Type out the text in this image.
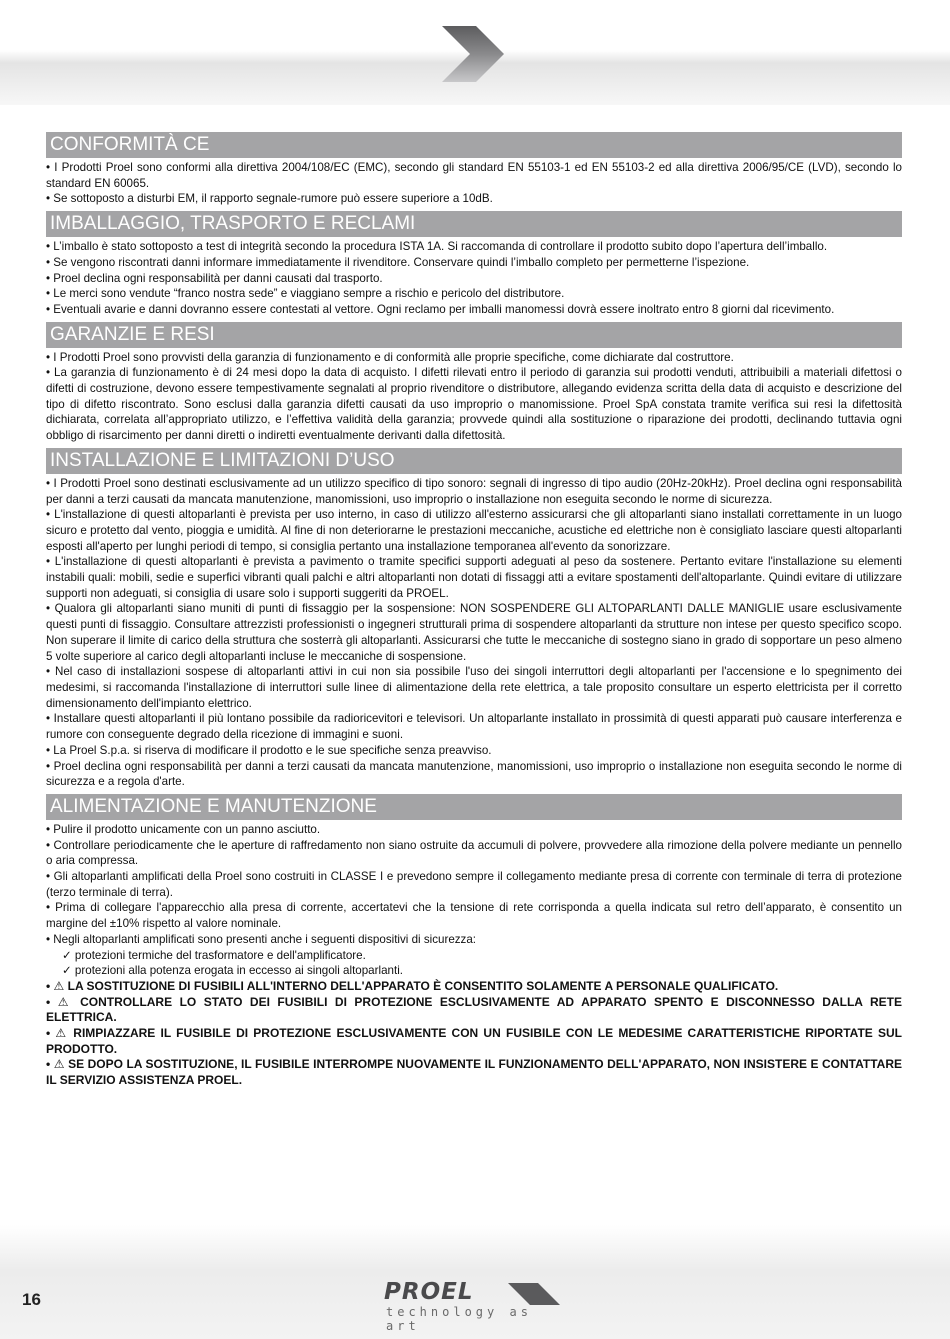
CONFORMITÀ CE

• I Prodotti Proel sono conformi alla direttiva 2004/108/EC (EMC), secondo gli standard EN 55103-1 ed EN 55103-2 ed alla direttiva 2006/95/CE (LVD), secondo lo standard EN 60065.

• Se sottoposto a disturbi EM, il rapporto segnale-rumore può essere superiore a 10dB.

IMBALLAGGIO, TRASPORTO E RECLAMI

• L’imballo è stato sottoposto a test di integrità secondo la procedura ISTA 1A. Si raccomanda di controllare il prodotto subito dopo l’apertura dell’imballo.

• Se vengono riscontrati danni informare immediatamente il rivenditore. Conservare quindi l’imballo completo per permetterne l’ispezione.

• Proel declina ogni responsabilità per danni causati dal trasporto.

• Le merci sono vendute “franco nostra sede” e viaggiano sempre a rischio e pericolo del distributore.

• Eventuali avarie e danni dovranno essere contestati al vettore. Ogni reclamo per imballi manomessi dovrà essere inoltrato entro 8 giorni dal ricevimento.

GARANZIE E RESI

• I Prodotti Proel sono provvisti della garanzia di funzionamento e di conformità alle proprie specifiche, come dichiarate dal costruttore.

• La garanzia di funzionamento è di 24 mesi dopo la data di acquisto. I difetti rilevati entro il periodo di garanzia sui prodotti venduti, attribuibili a materiali difettosi o difetti di costruzione, devono essere tempestivamente segnalati al proprio rivenditore o distributore, allegando evidenza scritta della data di acquisto e descrizione del tipo di difetto riscontrato. Sono esclusi dalla garanzia difetti causati da uso improprio o manomissione. Proel SpA constata tramite verifica sui resi la difettosità dichiarata, correlata all’appropriato utilizzo, e l’effettiva validità della garanzia; provvede quindi alla sostituzione o riparazione dei prodotti, declinando tuttavia ogni obbligo di risarcimento per danni diretti o indiretti eventualmente derivanti dalla difettosità.

INSTALLAZIONE E LIMITAZIONI D’USO

• I Prodotti Proel sono destinati esclusivamente ad un utilizzo specifico di tipo sonoro: segnali di ingresso di tipo audio (20Hz-20kHz). Proel declina ogni responsabilità per danni a terzi causati da mancata manutenzione, manomissioni, uso improprio o installazione non eseguita secondo le norme di sicurezza.

• L'installazione di questi altoparlanti è prevista per uso interno, in caso di utilizzo all'esterno assicurarsi che gli altoparlanti siano installati correttamente in un luogo sicuro e protetto dal vento, pioggia e umidità. Al fine di non deteriorarne le prestazioni meccaniche, acustiche ed elettriche non è consigliato lasciare questi altoparlanti esposti all'aperto per lunghi periodi di tempo, si consiglia pertanto una installazione temporanea all'evento da sonorizzare.

• L'installazione di questi altoparlanti è prevista a pavimento o tramite specifici supporti adeguati al peso da sostenere. Pertanto evitare l'installazione su elementi instabili quali: mobili, sedie e superfici vibranti quali palchi e altri altoparlanti non dotati di fissaggi atti a evitare spostamenti dell'altoparlante. Quindi evitare di utilizzare supporti non adeguati, si consiglia di usare solo i supporti suggeriti da PROEL.

• Qualora gli altoparlanti siano muniti di punti di fissaggio per la sospensione: NON SOSPENDERE GLI ALTOPARLANTI DALLE MANIGLIE usare esclusivamente questi punti di fissaggio. Consultare attrezzisti professionisti o ingegneri strutturali prima di sospendere altoparlanti da strutture non intese per questo specifico scopo. Non superare il limite di carico della struttura che sosterrà gli altoparlanti. Assicurarsi che tutte le meccaniche di sostegno siano in grado di sopportare un peso almeno 5 volte superiore al carico degli altoparlanti incluse le meccaniche di sospensione.

• Nel caso di installazioni sospese di altoparlanti attivi in cui non sia possibile l'uso dei singoli interruttori degli altoparlanti per l'accensione e lo spegnimento dei medesimi, si raccomanda l'installazione di interruttori sulle linee di alimentazione della rete elettrica, a tale proposito consultare un esperto elettricista per il corretto dimensionamento dell'impianto elettrico.

• Installare questi altoparlanti il più lontano possibile da radioricevitori e televisori. Un altoparlante installato in prossimità di questi apparati può causare interferenza e rumore con conseguente degrado della ricezione di immagini e suoni.

• La Proel S.p.a. si riserva di modificare il prodotto e le sue specifiche senza preavviso.

• Proel declina ogni responsabilità per danni a terzi causati da mancata manutenzione, manomissioni, uso improprio o installazione non eseguita secondo le norme di sicurezza e a regola d'arte.

ALIMENTAZIONE E MANUTENZIONE

• Pulire il prodotto unicamente con un panno asciutto.

• Controllare periodicamente che le aperture di raffredamento non siano ostruite da accumuli di polvere, provvedere alla rimozione della polvere mediante un pennello o aria compressa.

• Gli altoparlanti amplificati della Proel sono costruiti in CLASSE I e prevedono sempre il collegamento mediante presa di corrente con terminale di terra di protezione (terzo terminale di terra).

• Prima di collegare l'apparecchio alla presa di corrente, accertatevi che la tensione di rete corrisponda a quella indicata sul retro dell’apparato, è consentito un margine del ±10% rispetto al valore nominale.

• Negli altoparlanti amplificati sono presenti anche i seguenti dispositivi di sicurezza:

✓ protezioni termiche del trasformatore e dell'amplificatore.

✓ protezioni alla potenza erogata in eccesso ai singoli altoparlanti.

• ⚠ LA SOSTITUZIONE DI FUSIBILI ALL'INTERNO DELL'APPARATO È CONSENTITO SOLAMENTE A PERSONALE QUALIFICATO.

• ⚠ CONTROLLARE LO STATO DEI FUSIBILI DI PROTEZIONE ESCLUSIVAMENTE AD APPARATO SPENTO E DISCONNESSO DALLA RETE ELETTRICA.

• ⚠ RIMPIAZZARE IL FUSIBILE DI PROTEZIONE ESCLUSIVAMENTE CON UN FUSIBILE CON LE MEDESIME CARATTERISTICHE RIPORTATE SUL PRODOTTO.

• ⚠ SE DOPO LA SOSTITUZIONE, IL FUSIBILE INTERROMPE NUOVAMENTE IL FUNZIONAMENTO DELL'APPARATO, NON INSISTERE E CONTATTARE IL SERVIZIO ASSISTENZA PROEL.

16	PROEL
technology as art
